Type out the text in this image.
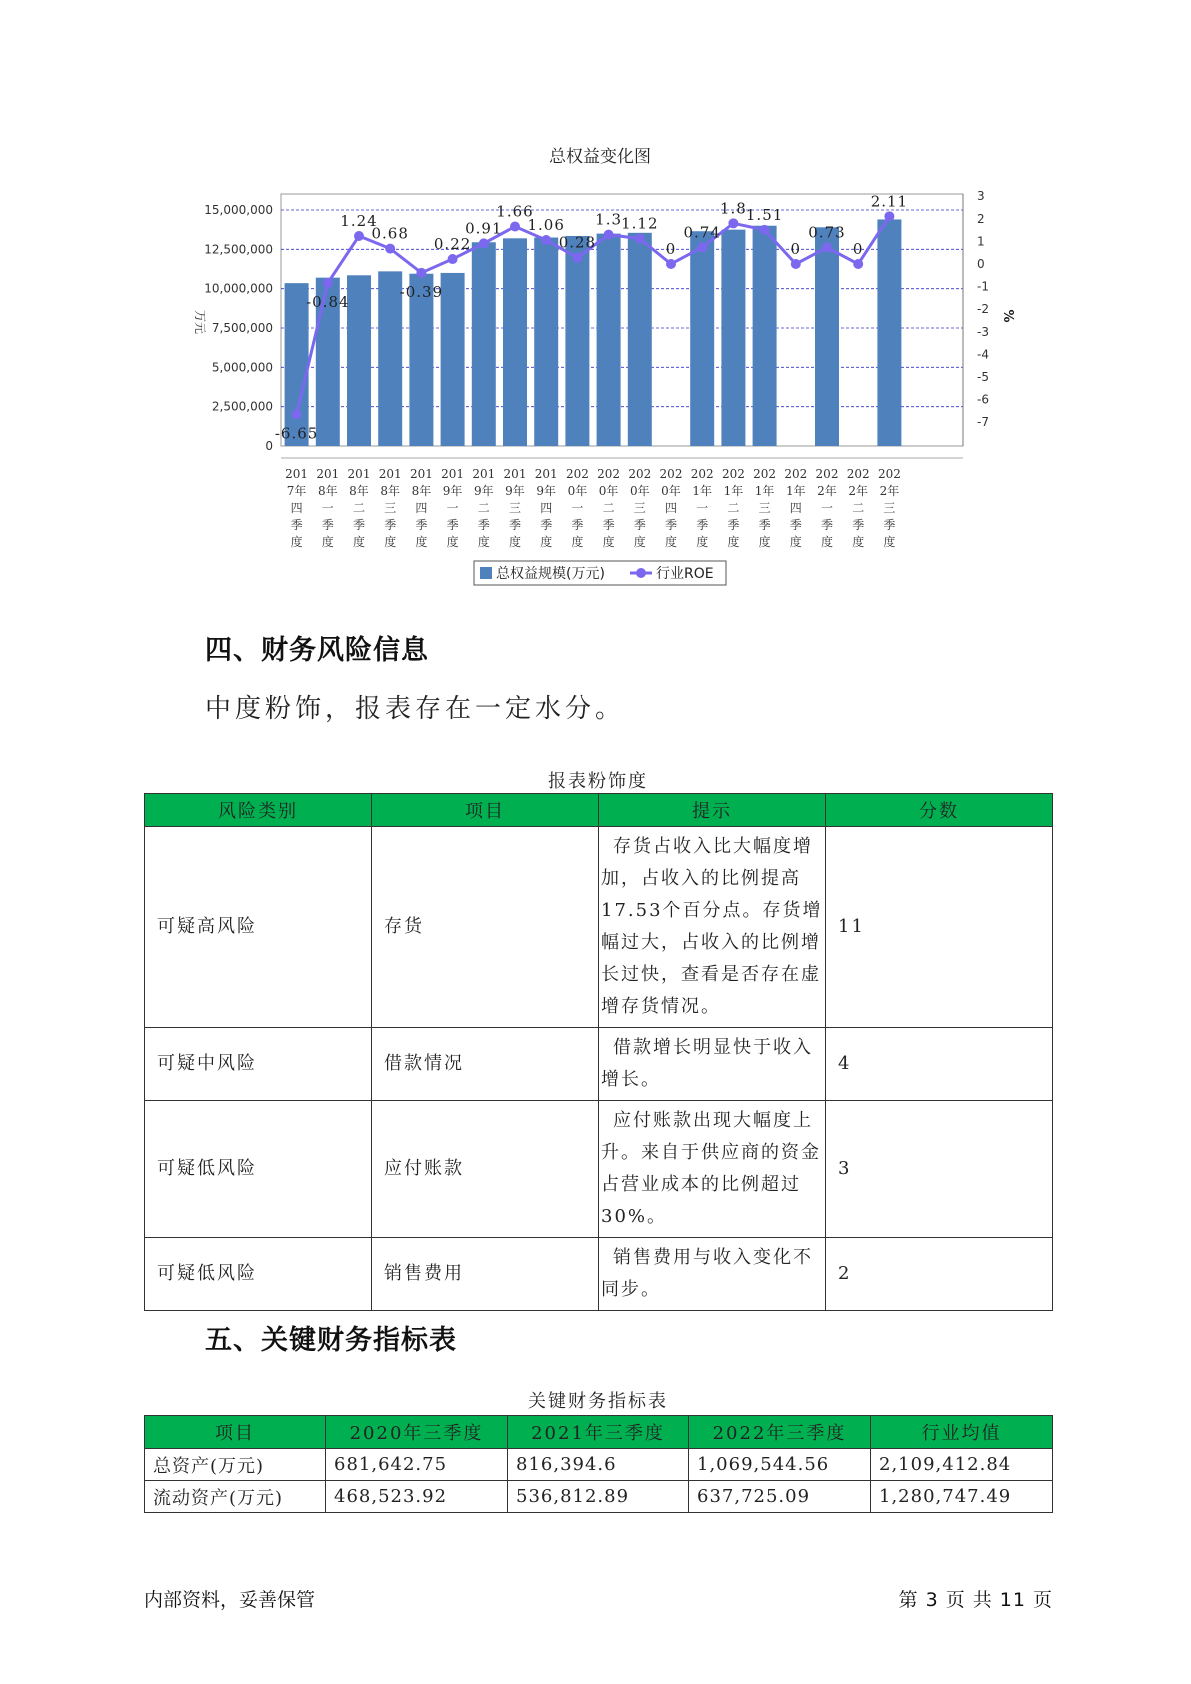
总权益变化图
0
2,500,000
5,000,000
7,500,000
10,000,000
12,500,000
15,000,000
万元
3
2
1
0
-1
-2
-3
-4
-5
-6
-7
%
-6.65
-0.84
1.24
0.68
-0.39
0.22
0.91
1.66
1.06
0.28
1.3 1.12
0
0.74
1.8 1.51
0
0.73
0
2.11
201 7年四季度
201 8年一季度
201 8年二季度
201 8年三季度
201 8年四季度
201 9年一季度
201 9年二季度
201 9年三季度
201 9年四季度
202 0年一季度
202 0年二季度
202 0年三季度
202 0年四季度
202 1年一季度
202 1年二季度
202 1年三季度
202 1年四季度
202 2年一季度
202 2年二季度
202 2年三季度
总权益规模(万元)	行业ROE
四、财务风险信息

中度粉饰，报表存在一定水分。

报表粉饰度
风险类别	项目	提示	分数
可疑高风险	存货	存货占收入比大幅度增加，占收入的比例提高17.53个百分点。存货增幅过大，占收入的比例增长过快，查看是否存在虚增存货情况。	11
可疑中风险	借款情况	借款增长明显快于收入增长。	4
可疑低风险	应付账款	应付账款出现大幅度上升。来自于供应商的资金占营业成本的比例超过30%。	3
可疑低风险	销售费用	销售费用与收入变化不同步。	2
五、关键财务指标表
关键财务指标表
项目	2020年三季度	2021年三季度	2022年三季度	行业均值
总资产(万元)	681,642.75	816,394.6	1,069,544.56	2,109,412.84
流动资产(万元)	468,523.92	536,812.89	637,725.09	1,280,747.49
内部资料，妥善保管	第 3 页 共 11 页
